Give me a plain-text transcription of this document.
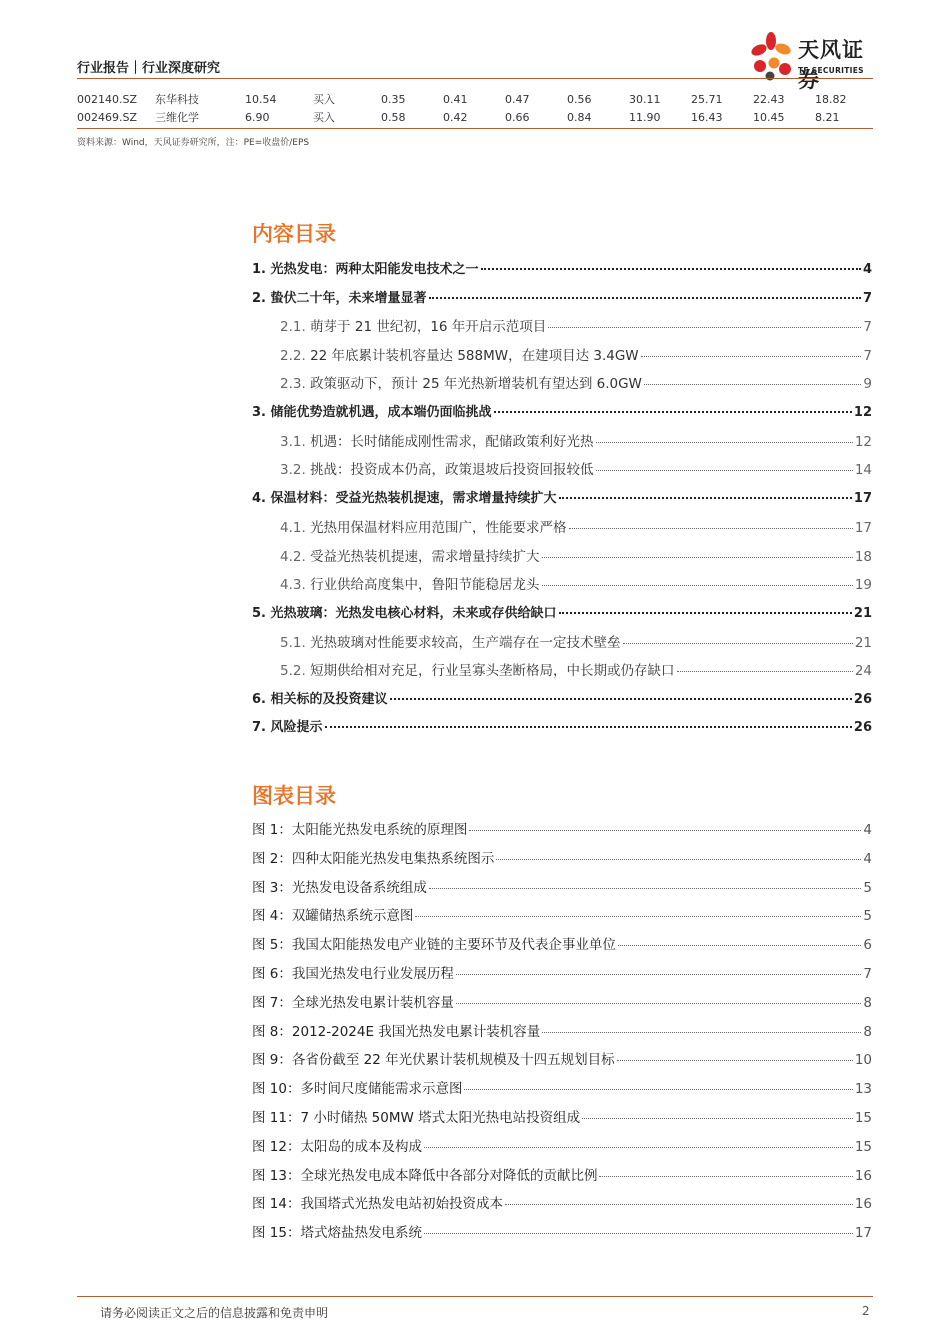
行业报告｜行业深度研究
天风证券
TF SECURITIES
002140.SZ	东华科技	10.54	买入	0.35	0.41	0.47	0.56	30.11	25.71	22.43	18.82
002469.SZ	三维化学	6.90	买入	0.58	0.42	0.66	0.84	11.90	16.43	10.45	8.21
资料来源：Wind，天风证券研究所，注：PE=收盘价/EPS
内容目录
1. 光热发电：两种太阳能发电技术之一	4
2. 蛰伏二十年，未来增量显著	7
2.1. 萌芽于 21 世纪初，16 年开启示范项目	7
2.2. 22 年底累计装机容量达 588MW，在建项目达 3.4GW	7
2.3. 政策驱动下，预计 25 年光热新增装机有望达到 6.0GW	9
3. 储能优势造就机遇，成本端仍面临挑战	12
3.1. 机遇：长时储能成刚性需求，配储政策利好光热	12
3.2. 挑战：投资成本仍高，政策退坡后投资回报较低	14
4. 保温材料：受益光热装机提速，需求增量持续扩大	17
4.1. 光热用保温材料应用范围广，性能要求严格	17
4.2. 受益光热装机提速，需求增量持续扩大	18
4.3. 行业供给高度集中，鲁阳节能稳居龙头	19
5. 光热玻璃：光热发电核心材料，未来或存供给缺口	21
5.1. 光热玻璃对性能要求较高，生产端存在一定技术壁垒	21
5.2. 短期供给相对充足，行业呈寡头垄断格局，中长期或仍存缺口	24
6. 相关标的及投资建议	26
7. 风险提示	26
图表目录
图 1：太阳能光热发电系统的原理图	4
图 2：四种太阳能光热发电集热系统图示	4
图 3：光热发电设备系统组成	5
图 4：双罐储热系统示意图	5
图 5：我国太阳能热发电产业链的主要环节及代表企事业单位	6
图 6：我国光热发电行业发展历程	7
图 7：全球光热发电累计装机容量	8
图 8：2012-2024E 我国光热发电累计装机容量	8
图 9：各省份截至 22 年光伏累计装机规模及十四五规划目标	10
图 10：多时间尺度储能需求示意图	13
图 11：7 小时储热 50MW 塔式太阳光热电站投资组成	15
图 12：太阳岛的成本及构成	15
图 13：全球光热发电成本降低中各部分对降低的贡献比例	16
图 14：我国塔式光热发电站初始投资成本	16
图 15：塔式熔盐热发电系统	17
请务必阅读正文之后的信息披露和免责申明	2
